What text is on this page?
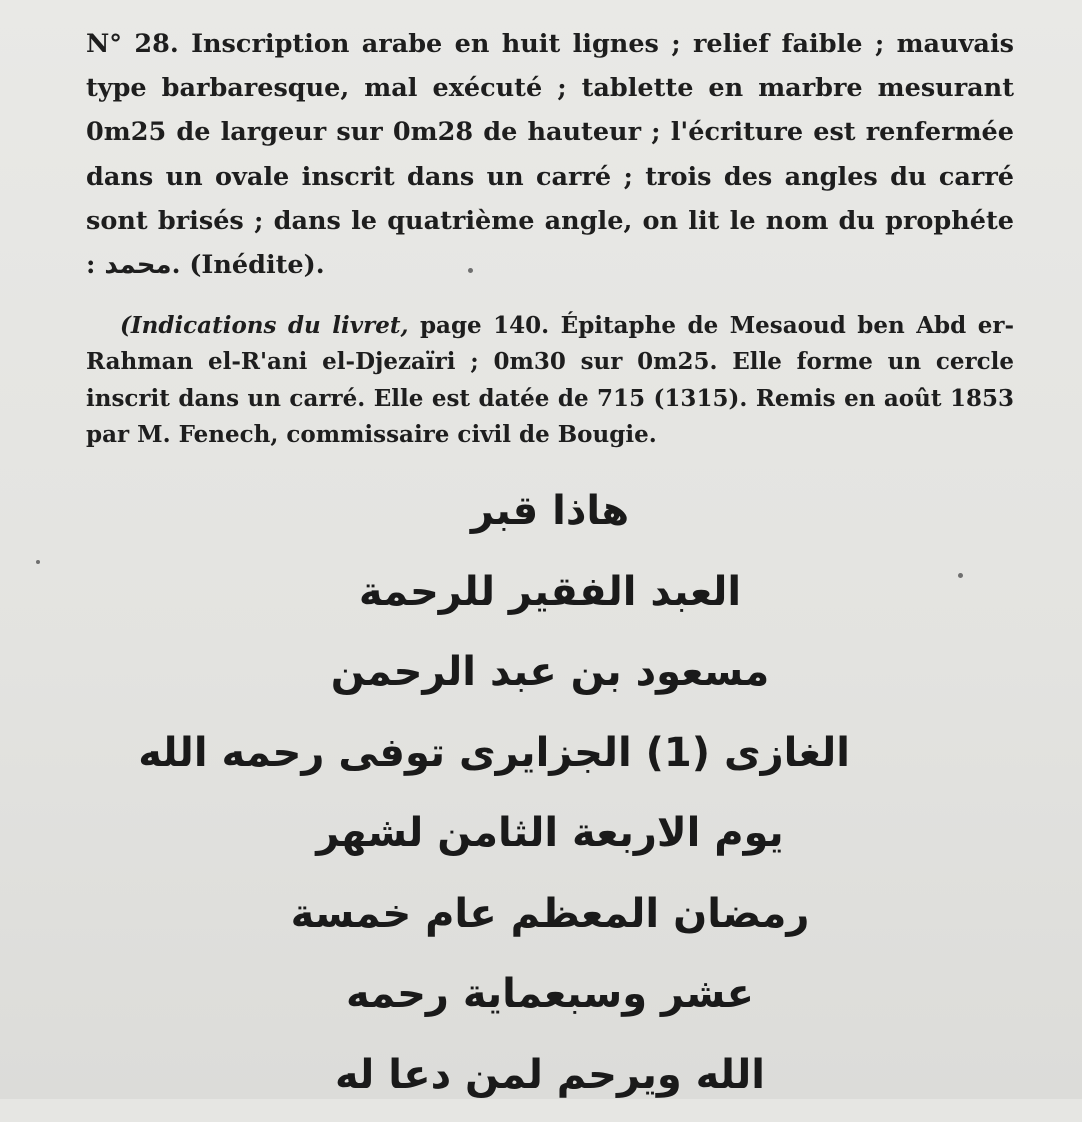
N° 28. Inscription arabe en huit lignes ; relief faible ; mauvais type barbaresque, mal exécuté ; tablette en marbre mesurant 0m25 de largeur sur 0m28 de hauteur ; l'écriture est renfermée dans un ovale inscrit dans un carré ; trois des angles du carré sont brisés ; dans le quatrième angle, on lit le nom du prophéte : محمد. (Inédite).

(Indications du livret, page 140. Épitaphe de Mesaoud ben Abd er-Rahman el-R'ani el-Djezaïri ; 0m30 sur 0m25. Elle forme un cercle inscrit dans un carré. Elle est datée de 715 (1315). Remis en août 1853 par M. Fenech, commissaire civil de Bougie.

هاذا قبر
العبد الفقير للرحمة
مسعود بن عبد الرحمن
الغازى (1) الجزايرى توفى رحمه الله
يوم الاربعة الثامن لشهر
رمضان المعظم عام خمسة
عشر وسبعماية رحمه
الله ويرحم لمن دعا له
